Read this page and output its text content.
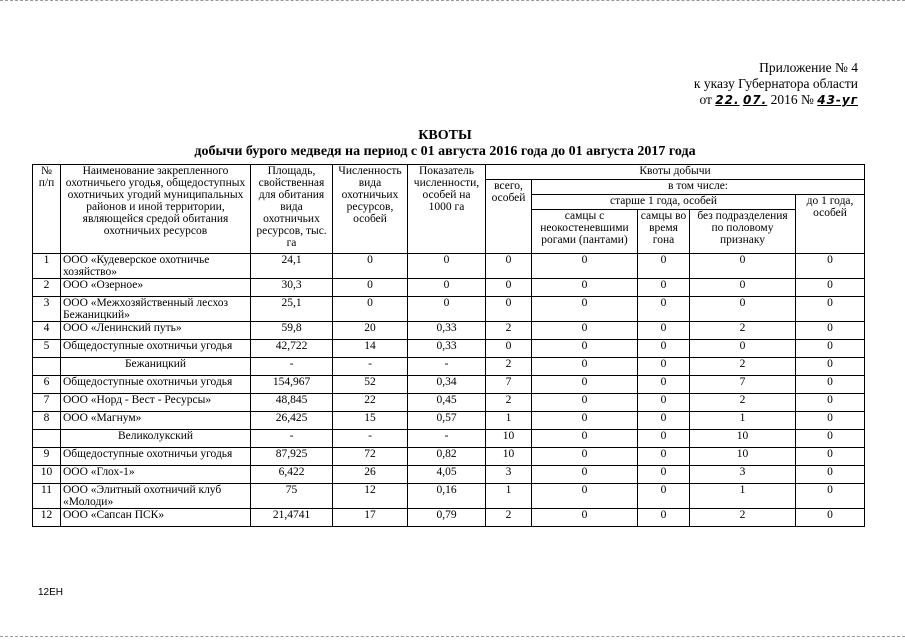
Приложение № 4
к указу Губернатора области
от 22. 07. 2016 № 43-уг
КВОТЫ
добычи бурого медведя на период с 01 августа 2016 года до 01 августа 2017 года
№ п/п	Наименование закрепленного охотничьего угодья, общедоступных охотничьих угодий муниципальных районов и иной территории, являющейся средой обитания охотничьих ресурсов	Площадь, свойственная для обитания вида охотничьих ресурсов, тыс. га	Численность вида охотничьих ресурсов, особей	Показатель численности, особей на 1000 га	Квоты добычи				
					всего, особей	в том числе:			
						старше 1 года, особей			до 1 года, особей
						самцы с неокостеневшими рогами (пантами)	самцы во время гона	без подразделения по половому признаку	
1	ООО «Кудеверское охотничье хозяйство»	24,1	0	0	0	0	0	0	0
2	ООО «Озерное»	30,3	0	0	0	0	0	0	0
3	ООО «Межхозяйственный лесхоз Бежаницкий»	25,1	0	0	0	0	0	0	0
4	ООО «Ленинский путь»	59,8	20	0,33	2	0	0	2	0
5	Общедоступные охотничьи угодья	42,722	14	0,33	0	0	0	0	0
	Бежаницкий	-	-	-	2	0	0	2	0
6	Общедоступные охотничьи угодья	154,967	52	0,34	7	0	0	7	0
7	ООО «Норд - Вест - Ресурсы»	48,845	22	0,45	2	0	0	2	0
8	ООО «Магнум»	26,425	15	0,57	1	0	0	1	0
	Великолукский	-	-	-	10	0	0	10	0
9	Общедоступные охотничьи угодья	87,925	72	0,82	10	0	0	10	0
10	ООО «Глох-1»	6,422	26	4,05	3	0	0	3	0
11	ООО «Элитный охотничий клуб «Молоди»	75	12	0,16	1	0	0	1	0
12	ООО «Сапсан ПСК»	21,4741	17	0,79	2	0	0	2	0
12ЕН
